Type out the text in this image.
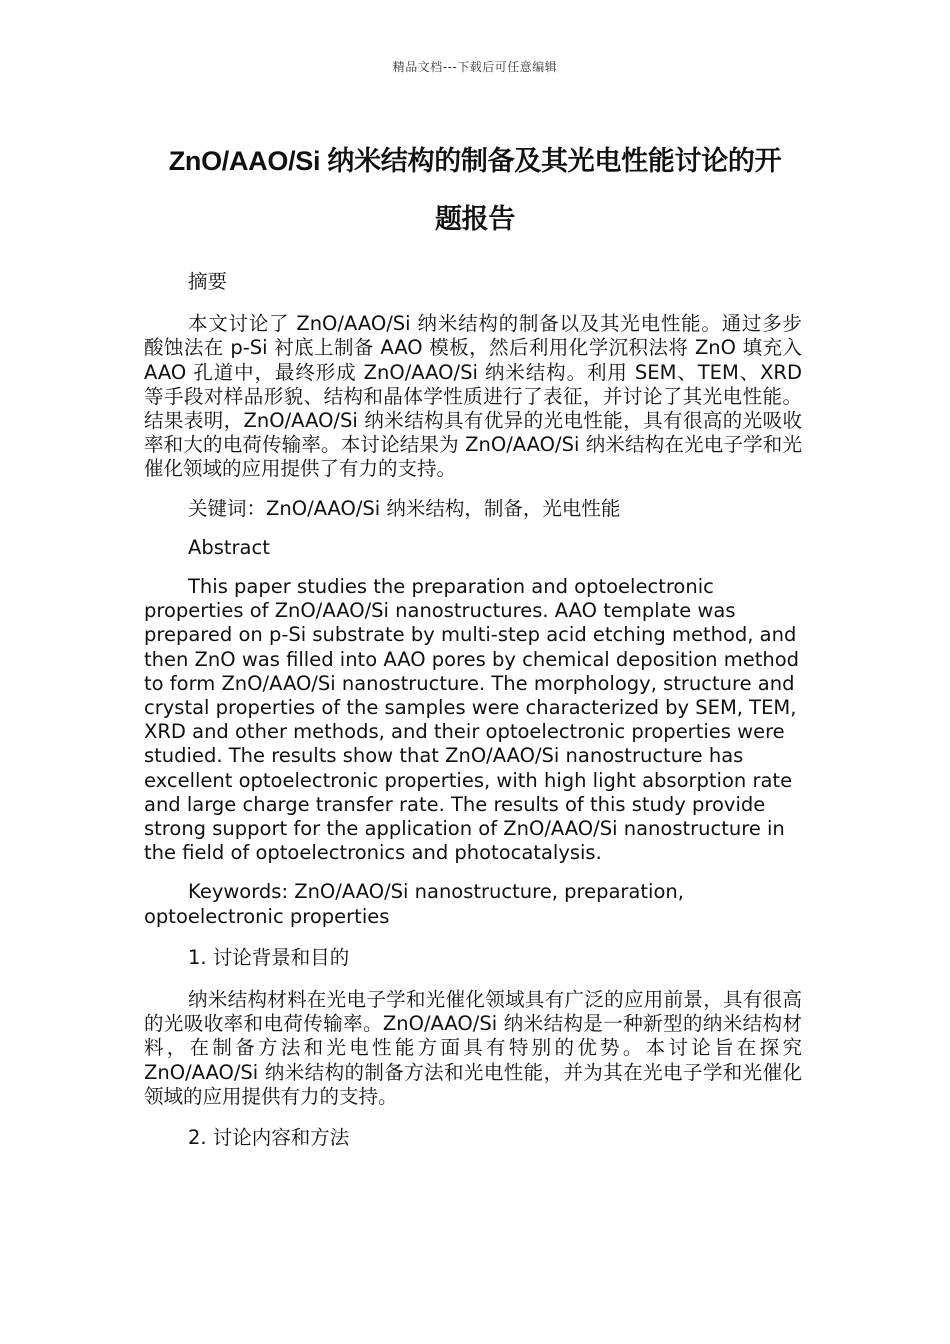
精品文档---下载后可任意编辑
ZnO/AAO/Si 纳米结构的制备及其光电性能讨论的开
题报告

摘要

本文讨论了 ZnO/AAO/Si 纳米结构的制备以及其光电性能。通过多步酸蚀法在 p-Si 衬底上制备 AAO 模板，然后利用化学沉积法将 ZnO 填充入 AAO 孔道中，最终形成 ZnO/AAO/Si 纳米结构。利用 SEM、TEM、XRD 等手段对样品形貌、结构和晶体学性质进行了表征，并讨论了其光电性能。结果表明，ZnO/AAO/Si 纳米结构具有优异的光电性能，具有很高的光吸收率和大的电荷传输率。本讨论结果为 ZnO/AAO/Si 纳米结构在光电子学和光催化领域的应用提供了有力的支持。

关键词：ZnO/AAO/Si 纳米结构，制备，光电性能

Abstract

This paper studies the preparation and optoelectronic properties of ZnO/AAO/Si nanostructures. AAO template was prepared on p-Si substrate by multi-step acid etching method, and then ZnO was filled into AAO pores by chemical deposition method to form ZnO/AAO/Si nanostructure. The morphology, structure and crystal properties of the samples were characterized by SEM, TEM, XRD and other methods, and their optoelectronic properties were studied. The results show that ZnO/AAO/Si nanostructure has excellent optoelectronic properties, with high light absorption rate and large charge transfer rate. The results of this study provide strong support for the application of ZnO/AAO/Si nanostructure in the field of optoelectronics and photocatalysis.

Keywords: ZnO/AAO/Si nanostructure, preparation, optoelectronic properties

1. 讨论背景和目的

纳米结构材料在光电子学和光催化领域具有广泛的应用前景，具有很高的光吸收率和电荷传输率。ZnO/AAO/Si 纳米结构是一种新型的纳米结构材料，在制备方法和光电性能方面具有特别的优势。本讨论旨在探究 ZnO/AAO/Si 纳米结构的制备方法和光电性能，并为其在光电子学和光催化领域的应用提供有力的支持。

2. 讨论内容和方法
